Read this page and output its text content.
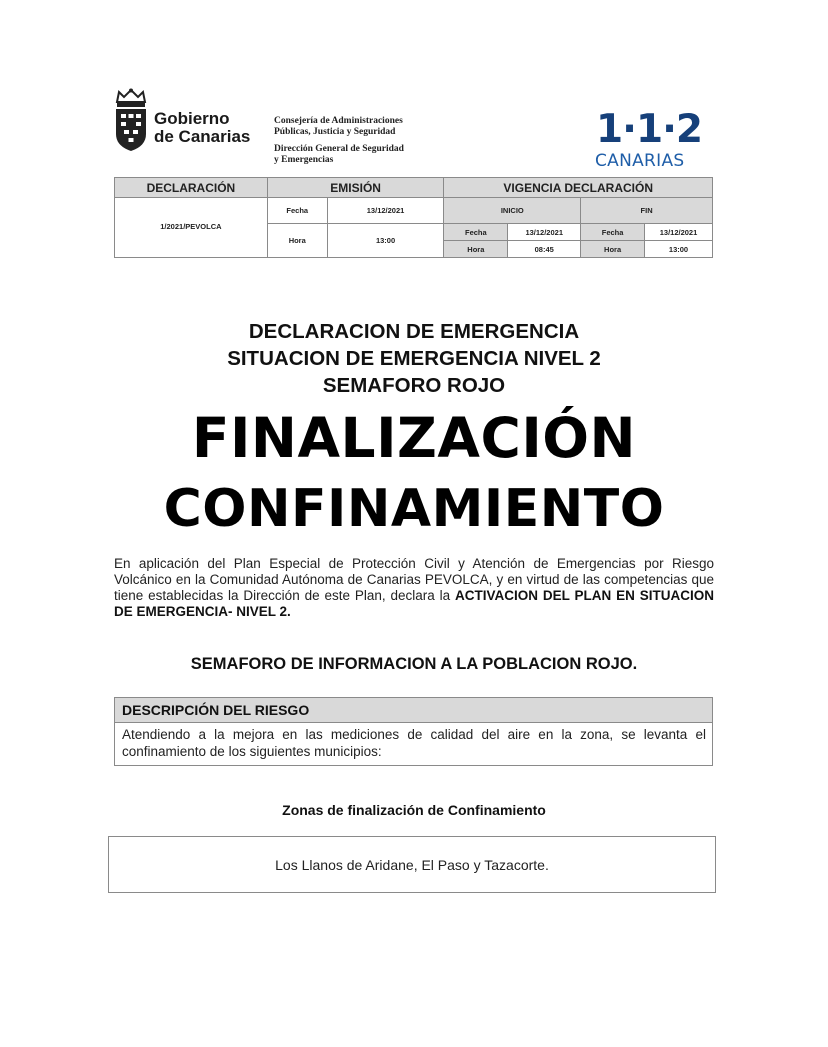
Gobierno
de Canarias
Consejería de Administraciones
Públicas, Justicia y Seguridad
Dirección General de Seguridad
y Emergencias
1·1·2
CANARIAS
DECLARACIÓN	EMISIÓN		VIGENCIA DECLARACIÓN			
1/2021/PEVOLCA	Fecha	13/12/2021	INICIO		FIN	
	Hora	13:00	Fecha	13/12/2021	Fecha	13/12/2021
			Hora	08:45	Hora	13:00
DECLARACION DE EMERGENCIA
SITUACION DE EMERGENCIA NIVEL 2
SEMAFORO ROJO
FINALIZACIÓN
CONFINAMIENTO
En aplicación del Plan Especial de Protección Civil y Atención de Emergencias por Riesgo Volcánico en la Comunidad Autónoma de Canarias PEVOLCA, y en virtud de las competencias que tiene establecidas la Dirección de este Plan, declara la ACTIVACION DEL PLAN EN SITUACION DE EMERGENCIA- NIVEL 2.
SEMAFORO DE INFORMACION A LA POBLACION ROJO.
DESCRIPCIÓN DEL RIESGO
Atendiendo a la mejora en las mediciones de calidad del aire en la zona, se levanta el confinamiento de los siguientes municipios:
Zonas de finalización de Confinamiento
Los Llanos de Aridane, El Paso y Tazacorte.
